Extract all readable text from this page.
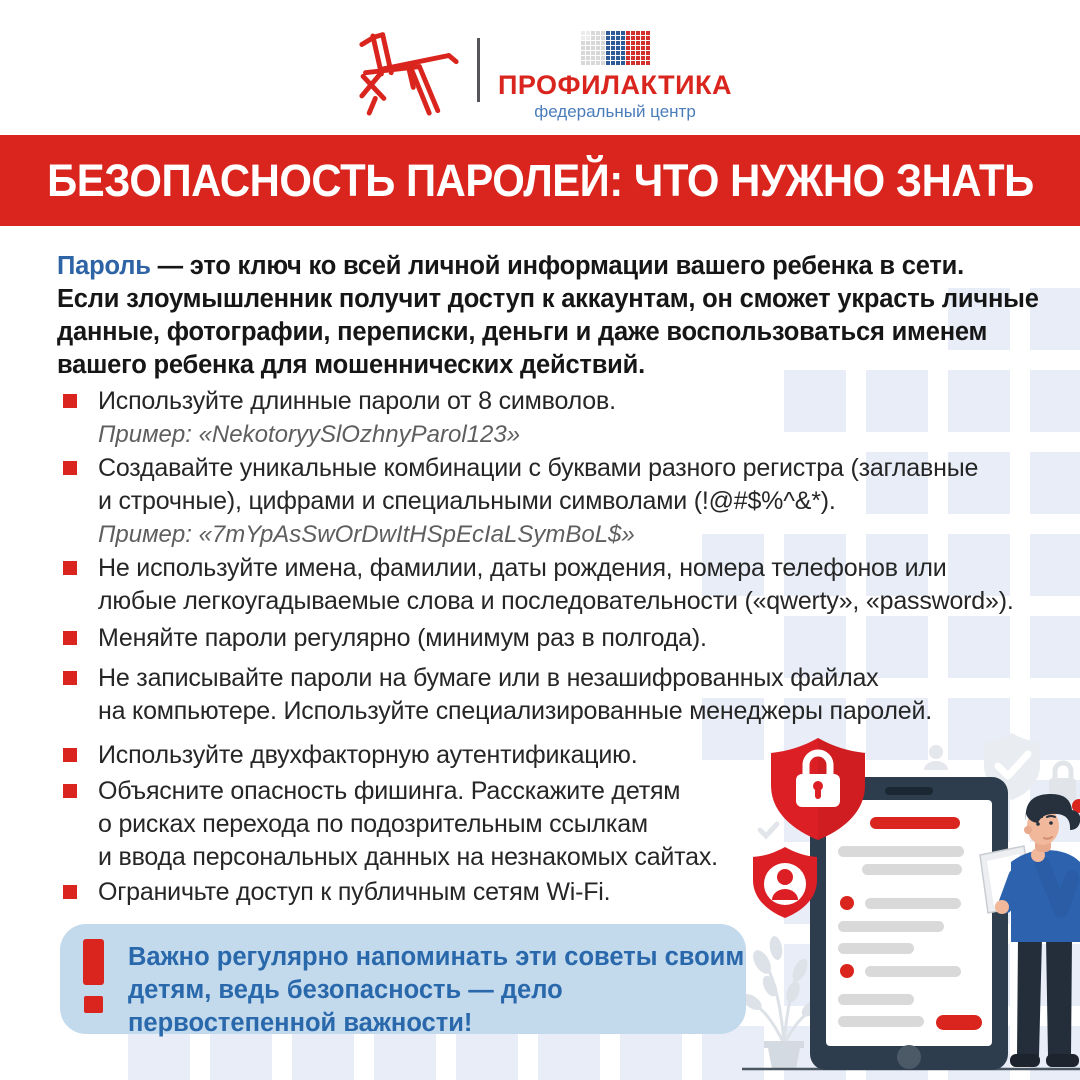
ПРОФИЛАКТИКА
федеральный центр
БЕЗОПАСНОСТЬ ПАРОЛЕЙ: ЧТО НУЖНО ЗНАТЬ
Пароль — это ключ ко всей личной информации вашего ребенка в сети.
Если злоумышленник получит доступ к аккаунтам, он сможет украсть личные
данные, фотографии, переписки, деньги и даже воспользоваться именем
вашего ребенка для мошеннических действий.
Используйте длинные пароли от 8 символов.
Пример: «NekotoryySlOzhnyParol123»
Создавайте уникальные комбинации с буквами разного регистра (заглавные
и строчные), цифрами и специальными символами (!@#$%^&*).
Пример: «7mYpAsSwOrDwItHSpEcIaLSymBoL$»
Не используйте имена, фамилии, даты рождения, номера телефонов или
любые легкоугадываемые слова и последовательности («qwerty», «password»).
Меняйте пароли регулярно (минимум раз в полгода).
Не записывайте пароли на бумаге или в незашифрованных файлах
на компьютере. Используйте специализированные менеджеры паролей.
Используйте двухфакторную аутентификацию.
Объясните опасность фишинга. Расскажите детям
о рисках перехода по подозрительным ссылкам
и ввода персональных данных на незнакомых сайтах.
Ограничьте доступ к публичным сетям Wi-Fi.
Важно регулярно напоминать эти советы своим
детям, ведь безопасность — дело
первостепенной важности!
